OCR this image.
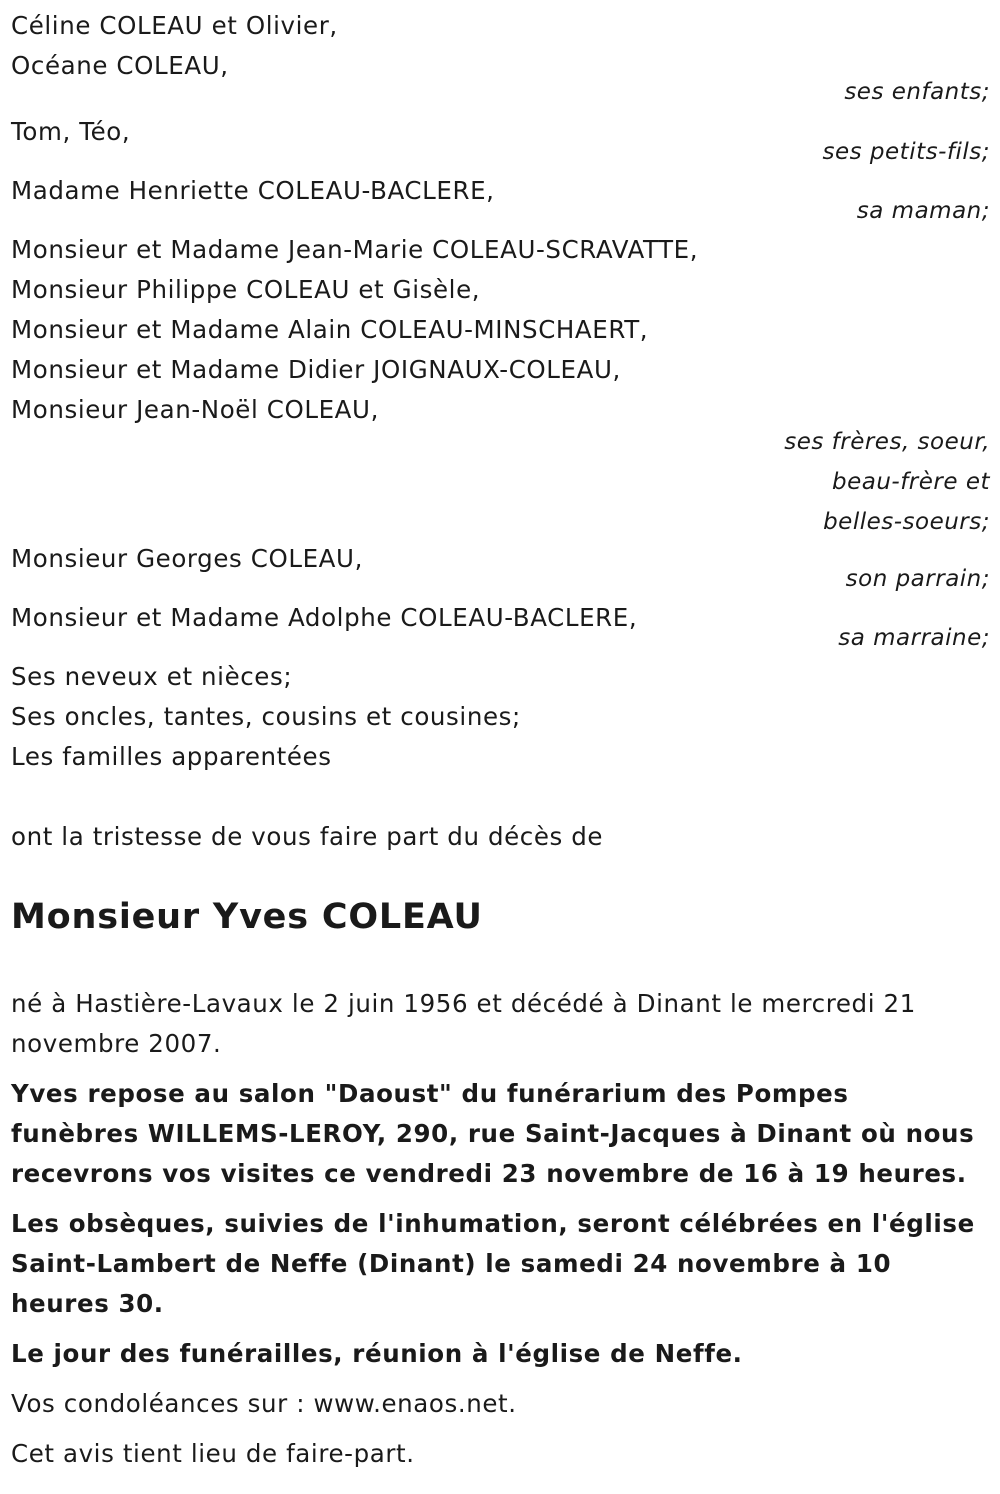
Céline COLEAU et Olivier,

Océane COLEAU,

ses enfants;

Tom, Téo,

ses petits-fils;

Madame Henriette COLEAU-BACLERE,

sa maman;

Monsieur et Madame Jean-Marie COLEAU-SCRAVATTE,

Monsieur Philippe COLEAU et Gisèle,

Monsieur et Madame Alain COLEAU-MINSCHAERT,

Monsieur et Madame Didier JOIGNAUX-COLEAU,

Monsieur Jean-Noël COLEAU,

ses frères, soeur,

beau-frère et

belles-soeurs;

Monsieur Georges COLEAU,

son parrain;

Monsieur et Madame Adolphe COLEAU-BACLERE,

sa marraine;

Ses neveux et nièces;

Ses oncles, tantes, cousins et cousines;

Les familles apparentées

ont la tristesse de vous faire part du décès de

Monsieur Yves COLEAU

né à Hastière-Lavaux le 2 juin 1956 et décédé à Dinant le mercredi 21 novembre 2007.

Yves repose au salon "Daoust" du funérarium des Pompes funèbres WILLEMS-LEROY, 290, rue Saint-Jacques à Dinant où nous recevrons vos visites ce vendredi 23 novembre de 16 à 19 heures.

Les obsèques, suivies de l'inhumation, seront célébrées en l'église Saint-Lambert de Neffe (Dinant) le samedi 24 novembre à 10 heures 30.

Le jour des funérailles, réunion à l'église de Neffe.

Vos condoléances sur : www.enaos.net.

Cet avis tient lieu de faire-part.
